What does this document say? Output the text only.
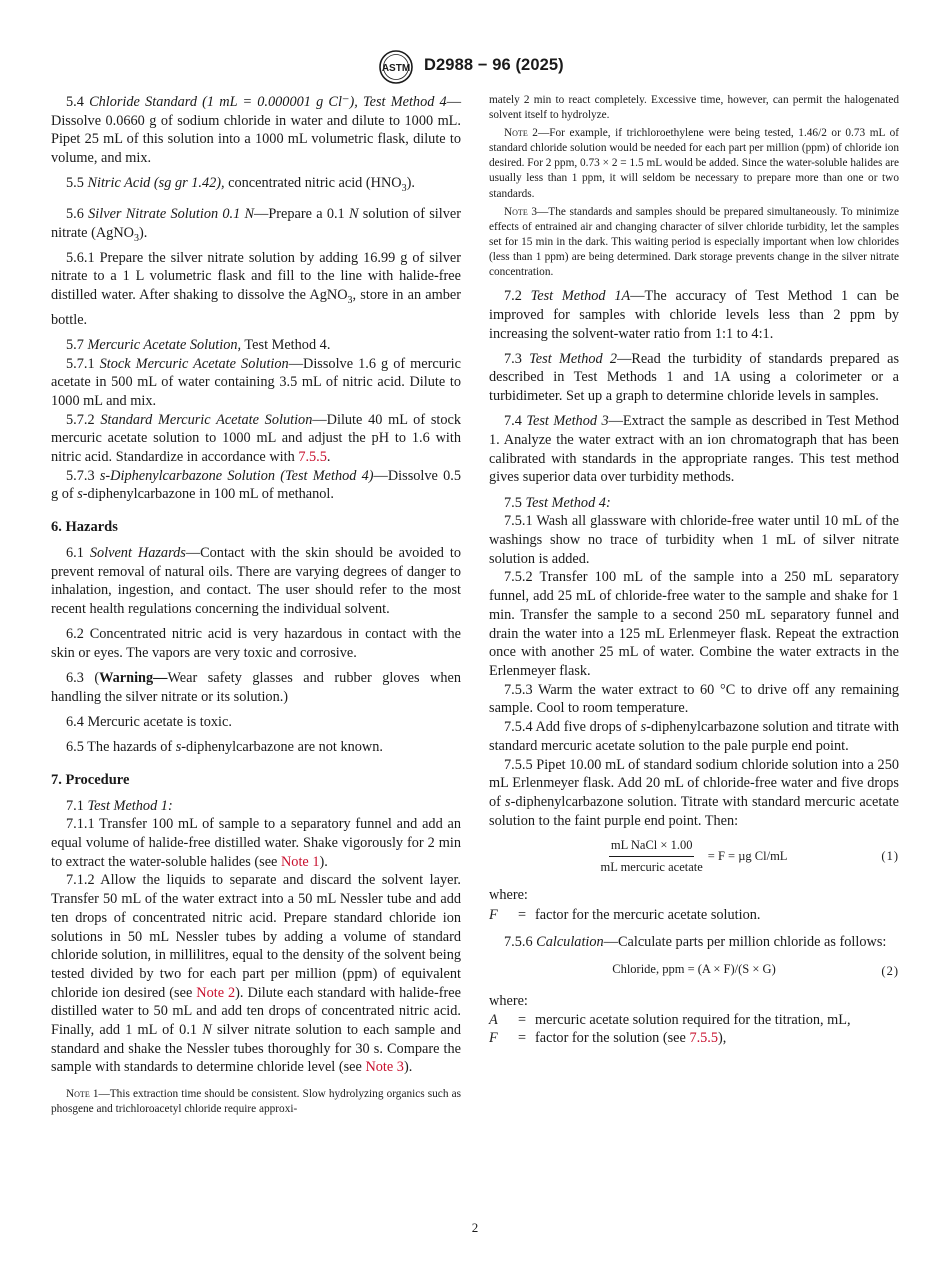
ASTM D2988 − 96 (2025)

5.4 Chloride Standard (1 mL = 0.000001 g Cl⁻), Test Method 4—Dissolve 0.0660 g of sodium chloride in water and dilute to 1000 mL. Pipet 25 mL of this solution into a 1000 mL volumetric flask, dilute to volume, and mix.

5.5 Nitric Acid (sg gr 1.42), concentrated nitric acid $(HNO_3)$.

5.6 Silver Nitrate Solution 0.1 N—Prepare a 0.1 N solution of silver nitrate (AgNO$_3$).

5.6.1 Prepare the silver nitrate solution by adding 16.99 g of silver nitrate to a 1 L volumetric flask and fill to the line with halide-free distilled water. After shaking to dissolve the AgNO$_3$, store in an amber bottle.

5.7 Mercuric Acetate Solution, Test Method 4.

5.7.1 Stock Mercuric Acetate Solution—Dissolve 1.6 g of mercuric acetate in 500 mL of water containing 3.5 mL of nitric acid. Dilute to 1000 mL and mix.

5.7.2 Standard Mercuric Acetate Solution—Dilute 40 mL of stock mercuric acetate solution to 1000 mL and adjust the pH to 1.6 with nitric acid. Standardize in accordance with 7.5.5.

5.7.3 s-Diphenylcarbazone Solution (Test Method 4)—Dissolve 0.5 g of s-diphenylcarbazone in 100 mL of methanol.

6. Hazards

6.1 Solvent Hazards—Contact with the skin should be avoided to prevent removal of natural oils. There are varying degrees of danger to inhalation, ingestion, and contact. The user should refer to the most recent health regulations concerning the individual solvent.

6.2 Concentrated nitric acid is very hazardous in contact with the skin or eyes. The vapors are very toxic and corrosive.

6.3 (Warning—Wear safety glasses and rubber gloves when handling the silver nitrate or its solution.)

6.4 Mercuric acetate is toxic.

6.5 The hazards of s-diphenylcarbazone are not known.

7. Procedure

7.1 Test Method 1:

7.1.1 Transfer 100 mL of sample to a separatory funnel and add an equal volume of halide-free distilled water. Shake vigorously for 2 min to extract the water-soluble halides (see Note 1).

7.1.2 Allow the liquids to separate and discard the solvent layer. Transfer 50 mL of the water extract into a 50 mL Nessler tube and add ten drops of concentrated nitric acid. Prepare standard chloride ion solutions in 50 mL Nessler tubes by adding a volume of standard chloride solution, in millilitres, equal to the density of the solvent being tested divided by two for each part per million (ppm) of equivalent chloride ion desired (see Note 2). Dilute each standard with halide-free distilled water to 50 mL and add ten drops of concentrated nitric acid. Finally, add 1 mL of 0.1 N silver nitrate solution to each sample and standard and shake the Nessler tubes thoroughly for 30 s. Compare the sample with standards to determine chloride level (see Note 3).

Note 1—This extraction time should be consistent. Slow hydrolyzing organics such as phosgene and trichloroacetyl chloride require approxi-

mately 2 min to react completely. Excessive time, however, can permit the halogenated solvent itself to hydrolyze.

Note 2—For example, if trichloroethylene were being tested, 1.46/2 or 0.73 mL of standard chloride solution would be needed for each part per million (ppm) of chloride ion desired. For 2 ppm, 0.73 × 2 = 1.5 mL would be added. Since the water-soluble halides are usually less than 1 ppm, it will seldom be necessary to prepare more than one or two standards.

Note 3—The standards and samples should be prepared simultaneously. To minimize effects of entrained air and changing character of silver chloride turbidity, let the samples set for 15 min in the dark. This waiting period is especially important when low chlorides (less than 1 ppm) are being determined. Dark storage prevents change in the silver nitrate concentration.

7.2 Test Method 1A—The accuracy of Test Method 1 can be improved for samples with chloride levels less than 2 ppm by increasing the solvent-water ratio from 1:1 to 4:1.

7.3 Test Method 2—Read the turbidity of standards prepared as described in Test Methods 1 and 1A using a colorimeter or a turbidimeter. Set up a graph to determine chloride levels in samples.

7.4 Test Method 3—Extract the sample as described in Test Method 1. Analyze the water extract with an ion chromatograph that has been calibrated with standards in the appropriate ranges. This test method gives superior data over turbidity methods.

7.5 Test Method 4:

7.5.1 Wash all glassware with chloride-free water until 10 mL of the washings show no trace of turbidity when 1 mL of silver nitrate solution is added.

7.5.2 Transfer 100 mL of the sample into a 250 mL separatory funnel, add 25 mL of chloride-free water to the sample and shake for 1 min. Transfer the sample to a second 250 mL separatory funnel and drain the water into a 125 mL Erlenmeyer flask. Repeat the extraction once with another 25 mL of water. Combine the water extracts in the Erlenmeyer flask.

7.5.3 Warm the water extract to 60 °C to drive off any remaining sample. Cool to room temperature.

7.5.4 Add five drops of s-diphenylcarbazone solution and titrate with standard mercuric acetate solution to the pale purple end point.

7.5.5 Pipet 10.00 mL of standard sodium chloride solution into a 250 mL Erlenmeyer flask. Add 20 mL of chloride-free water and five drops of s-diphenylcarbazone solution. Titrate with standard mercuric acetate solution to the faint purple end point. Then:

$\frac{\text{mL NaCl × 1.00}}{\text{mL mercuric acetate}} = F = \mu g$ Cl/mL	(1)

where:

F	= factor for the mercuric acetate solution.

7.5.6 Calculation—Calculate parts per million chloride as follows:

Chloride, ppm = (A × F)/(S × G)	(2)

where:

A	= mercuric acetate solution required for the titration, mL,
F	= factor for the solution (see 7.5.5),
2
